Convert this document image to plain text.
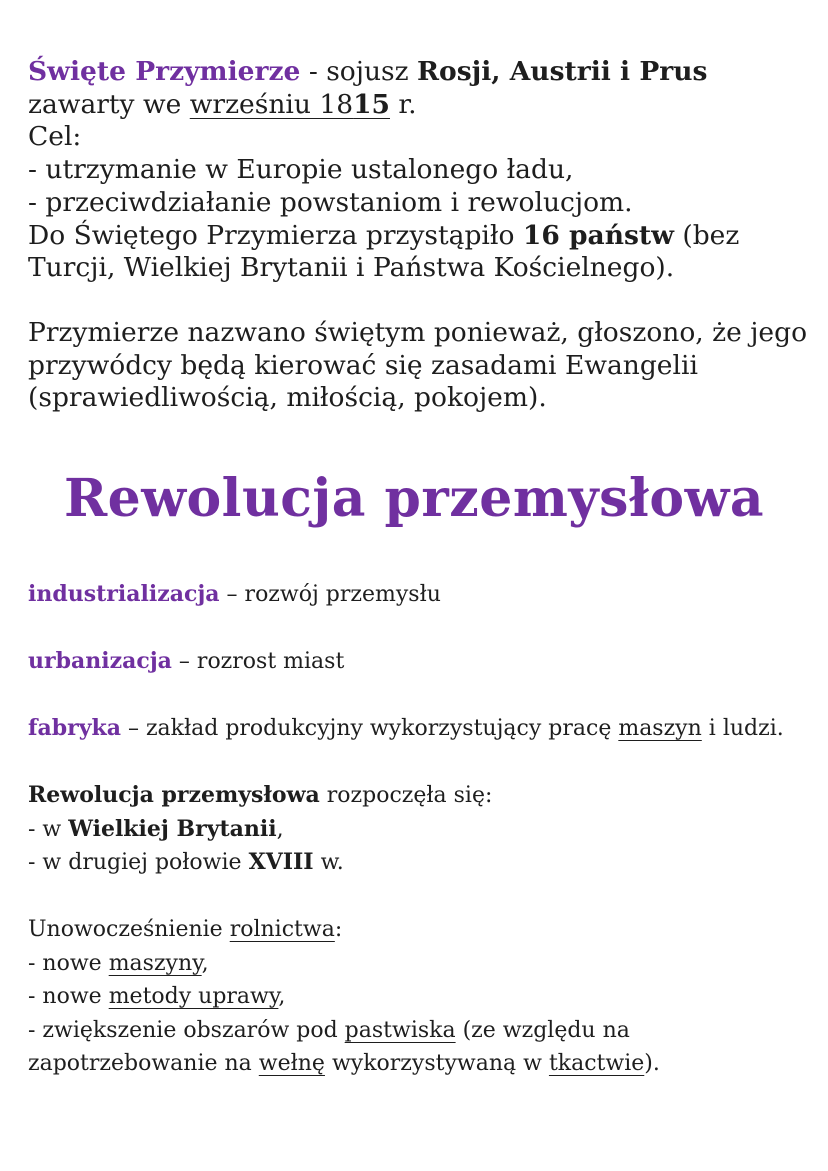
Święte Przymierze - sojusz Rosji, Austrii i Prus
zawarty we wrześniu 1815 r.

Cel:

- utrzymanie w Europie ustalonego ładu,

- przeciwdziałanie powstaniom i rewolucjom.

Do Świętego Przymierza przystąpiło 16 państw (bez Turcji, Wielkiej Brytanii i Państwa Kościelnego).

Przymierze nazwano świętym ponieważ, głoszono, że jego przywódcy będą kierować się zasadami Ewangelii (sprawiedliwością, miłością, pokojem).

Rewolucja przemysłowa

industrializacja – rozwój przemysłu

urbanizacja – rozrost miast

fabryka – zakład produkcyjny wykorzystujący pracę maszyn i ludzi.

Rewolucja przemysłowa rozpoczęła się:

- w Wielkiej Brytanii,

- w drugiej połowie XVIII w.

Unowocześnienie rolnictwa:

- nowe maszyny,

- nowe metody uprawy,

- zwiększenie obszarów pod pastwiska (ze względu na zapotrzebowanie na wełnę wykorzystywaną w tkactwie).
